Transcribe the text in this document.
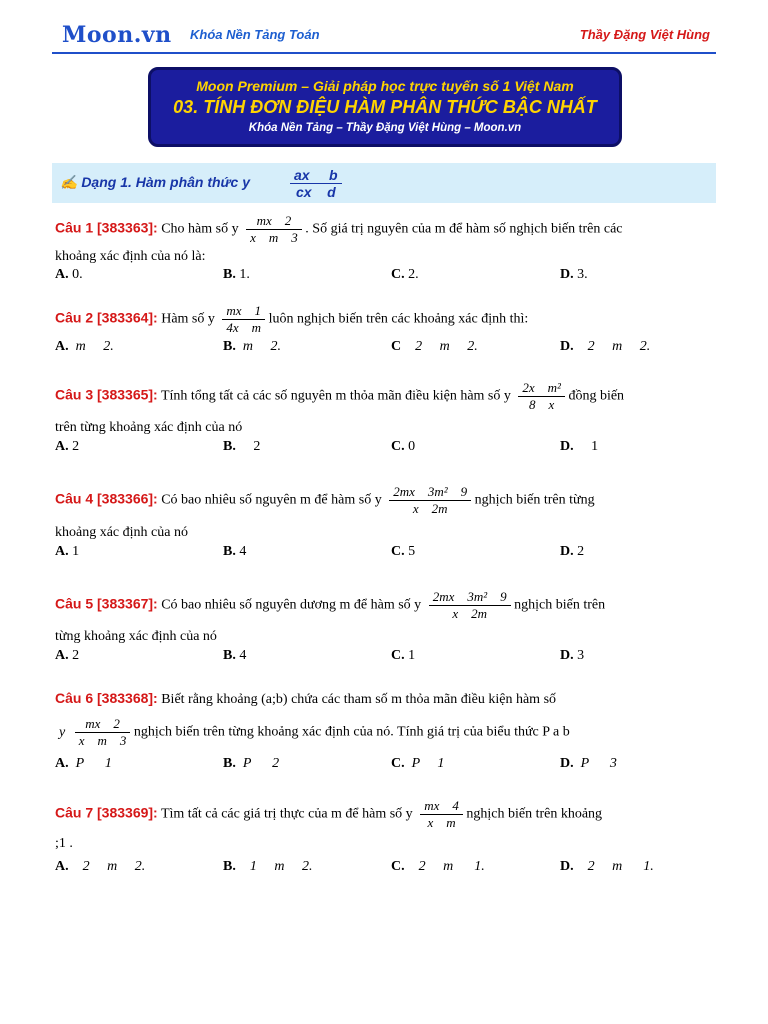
Moon.vn Khóa Nền Tảng Toán	Thầy Đặng Việt Hùng
Moon Premium – Giải pháp học trực tuyến số 1 Việt Nam
03. TÍNH ĐƠN ĐIỆU HÀM PHÂN THỨC BẬC NHẤT
Khóa Nền Tảng – Thầy Đặng Việt Hùng – Moon.vn
✍ Dạng 1. Hàm phân thức y	$\frac{\text{ax     b}}{\text{cx    d}}$
Câu 1 [383363]: Cho hàm số y $\frac{mx 2}{\text{x    m    3}}$ . Số giá trị nguyên của m để hàm số nghịch biến trên các
khoảng xác định của nó là:
A. 0.	B. 1.	C. 2.	D. 3.
Câu 2 [383364]: Hàm số y $\frac{mx 1}{\text{4x    m}}$ luôn nghịch biến trên các khoảng xác định thì:
A.  m     2.	B.  m     2.	C    2     m     2.	D.    2     m     2.
Câu 3 [383365]: Tính tổng tất cả các số nguyên m thỏa mãn điều kiện hàm số y $\frac{\text{2x    m²}}{8 x}$ đồng biến
trên từng khoảng xác định của nó
A. 2	B.     2	C. 0	D.     1
Câu 4 [383366]: Có bao nhiêu số nguyên m để hàm số y $\frac{\text{2mx    3m²    9}}{x 2m}$ nghịch biến trên từng
khoảng xác định của nó
A. 1	B. 4	C. 5	D. 2
Câu 5 [383367]: Có bao nhiêu số nguyên dương m để hàm số y $\frac{\text{2mx    3m²    9}}{x 2m}$ nghịch biến trên
từng khoảng xác định của nó
A. 2	B. 4	C. 1	D. 3
Câu 6 [383368]: Biết rằng khoảng (a;b) chứa các tham số m thỏa mãn điều kiện hàm số
y $\frac{mx 2}{\text{x    m    3}}$ nghịch biến trên từng khoảng xác định của nó. Tính giá trị của biểu thức P a b
A.  P      1	B.  P      2	C.  P     1	D.  P      3
Câu 7 [383369]: Tìm tất cả các giá trị thực của m để hàm số y $\frac{mx 4}{\text{x    m}}$ nghịch biến trên khoảng
;1 .
A.    2     m     2.	B.    1     m     2.	C.    2     m      1.	D.    2     m      1.
